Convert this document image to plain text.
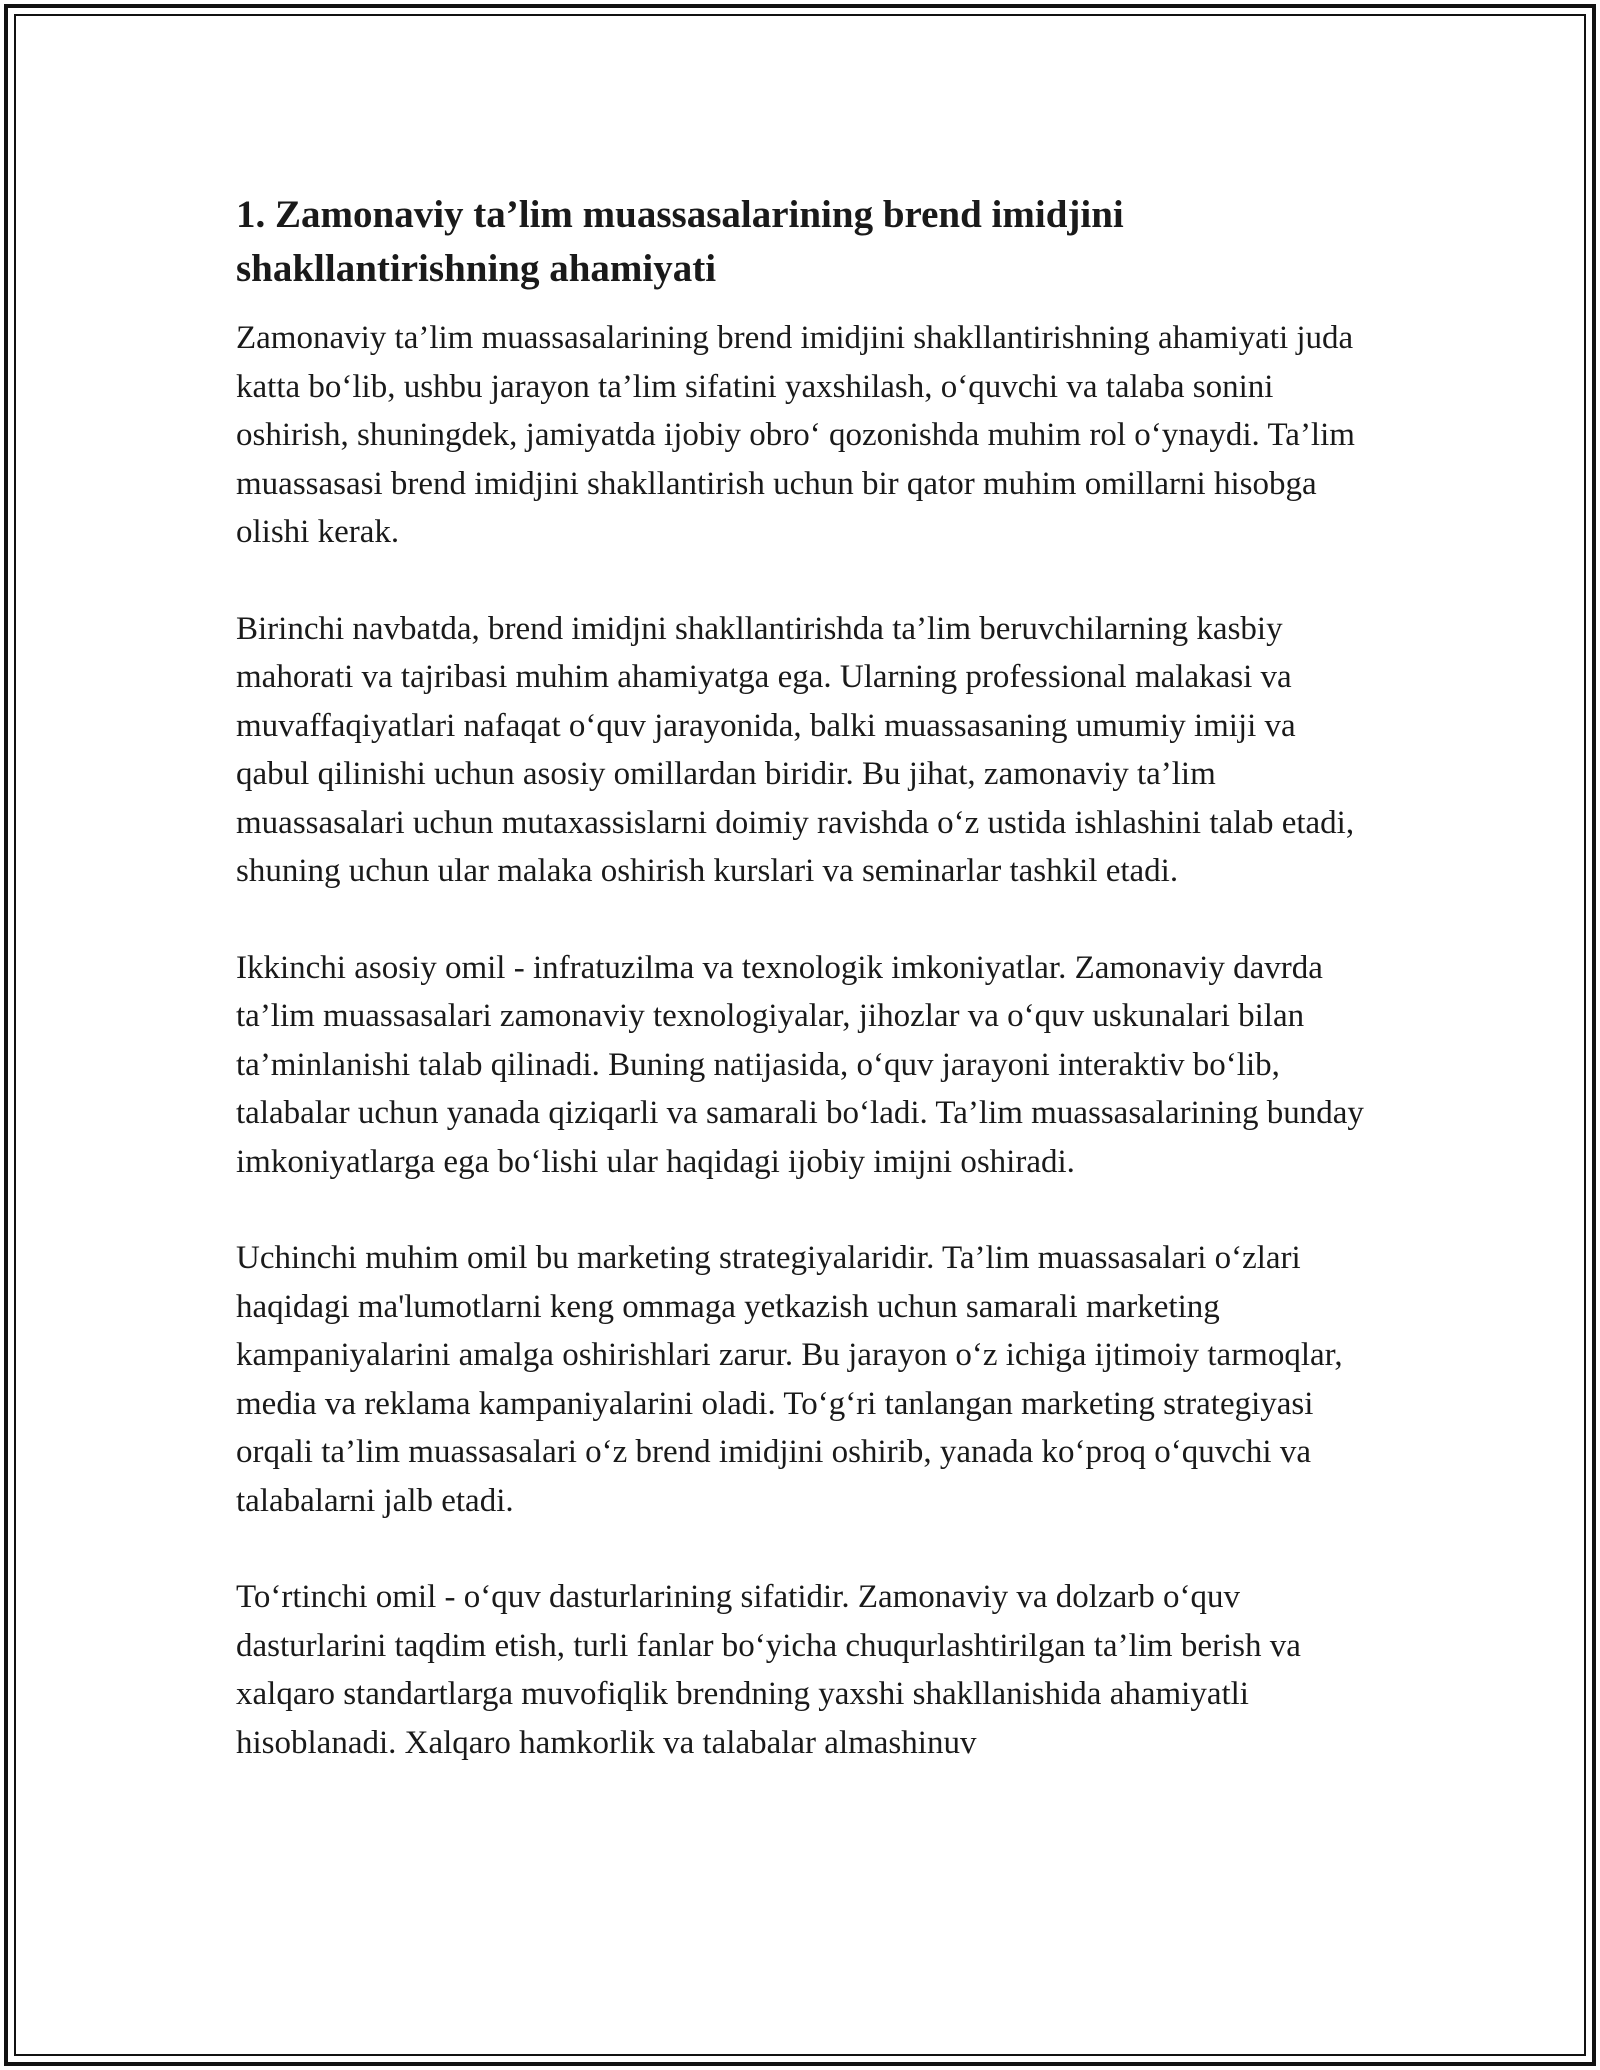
1. Zamonaviy ta’lim muassasalarining brend imidjini shakllantirishning ahamiyati

Zamonaviy ta’lim muassasalarining brend imidjini shakllantirishning ahamiyati juda katta bo‘lib, ushbu jarayon ta’lim sifatini yaxshilash, o‘quvchi va talaba sonini oshirish, shuningdek, jamiyatda ijobiy obro‘ qozonishda muhim rol o‘ynaydi. Ta’lim muassasasi brend imidjini shakllantirish uchun bir qator muhim omillarni hisobga olishi kerak.

Birinchi navbatda, brend imidjni shakllantirishda ta’lim beruvchilarning kasbiy mahorati va tajribasi muhim ahamiyatga ega. Ularning professional malakasi va muvaffaqiyatlari nafaqat o‘quv jarayonida, balki muassasaning umumiy imiji va qabul qilinishi uchun asosiy omillardan biridir. Bu jihat, zamonaviy ta’lim muassasalari uchun mutaxassislarni doimiy ravishda o‘z ustida ishlashini talab etadi, shuning uchun ular malaka oshirish kurslari va seminarlar tashkil etadi.

Ikkinchi asosiy omil - infratuzilma va texnologik imkoniyatlar. Zamonaviy davrda ta’lim muassasalari zamonaviy texnologiyalar, jihozlar va o‘quv uskunalari bilan ta’minlanishi talab qilinadi. Buning natijasida, o‘quv jarayoni interaktiv bo‘lib, talabalar uchun yanada qiziqarli va samarali bo‘ladi. Ta’lim muassasalarining bunday imkoniyatlarga ega bo‘lishi ular haqidagi ijobiy imijni oshiradi.

Uchinchi muhim omil bu marketing strategiyalaridir. Ta’lim muassasalari o‘zlari haqidagi ma'lumotlarni keng ommaga yetkazish uchun samarali marketing kampaniyalarini amalga oshirishlari zarur. Bu jarayon o‘z ichiga ijtimoiy tarmoqlar, media va reklama kampaniyalarini oladi. To‘g‘ri tanlangan marketing strategiyasi orqali ta’lim muassasalari o‘z brend imidjini oshirib, yanada ko‘proq o‘quvchi va talabalarni jalb etadi.

To‘rtinchi omil - o‘quv dasturlarining sifatidir. Zamonaviy va dolzarb o‘quv dasturlarini taqdim etish, turli fanlar bo‘yicha chuqurlashtirilgan ta’lim berish va xalqaro standartlarga muvofiqlik brendning yaxshi shakllanishida ahamiyatli hisoblanadi. Xalqaro hamkorlik va talabalar almashinuv
